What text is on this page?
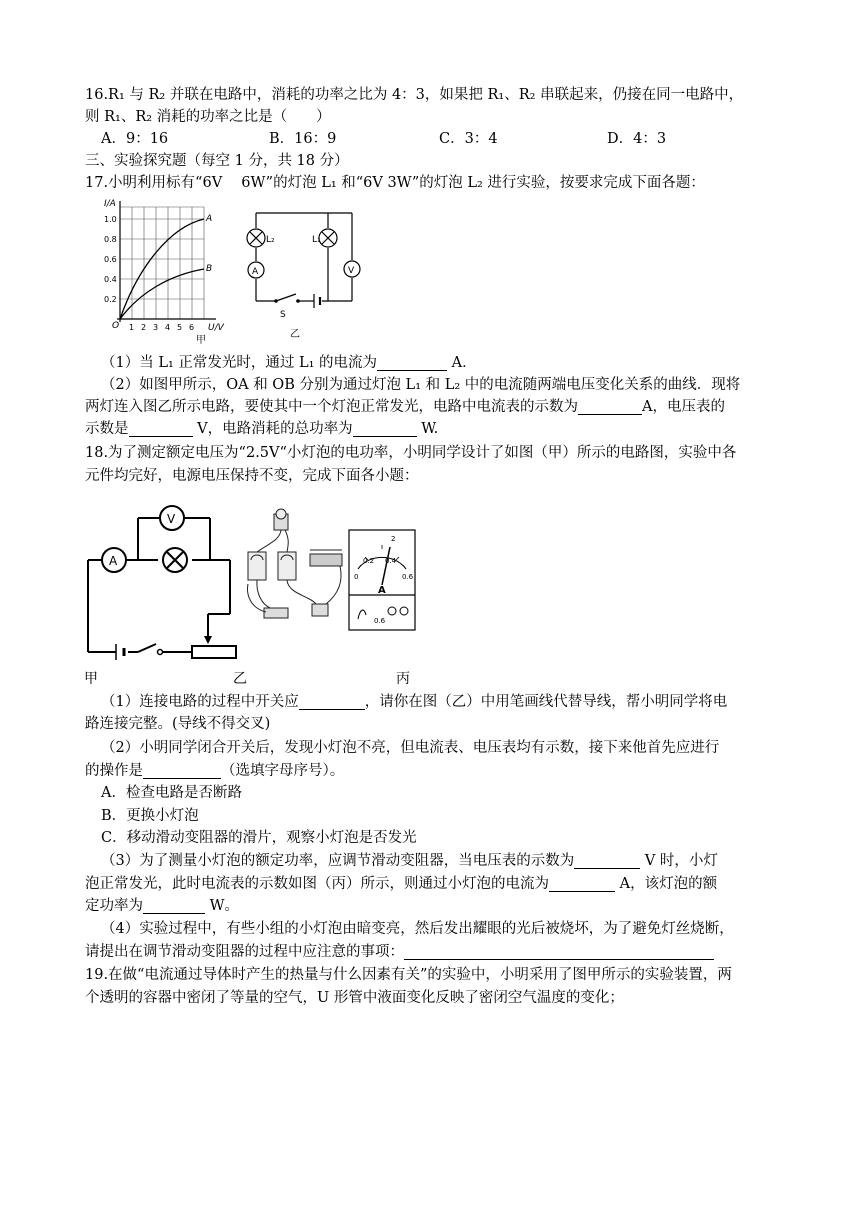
16.R₁ 与 R₂ 并联在电路中，消耗的功率之比为 4：3，如果把 R₁、R₂ 串联起来，仍接在同一电路中，
则 R₁、R₂ 消耗的功率之比是（　　）
A．9：16	B．16：9	C．3：4	D．4：3
三、实验探究题（每空 1 分，共 18 分）
17.小明利用标有“6V　 6W”的灯泡 L₁ 和“6V 3W”的灯泡 L₂ 进行实验，按要求完成下面各题：
I/A
1.0
0.8
0.6
0.4
0.2
O 1 2 3 4 5 6 U/V
A
B
甲
L₂	L₁
A	V
S
乙
（1）当 L₁ 正常发光时，通过 L₁ 的电流为	A．
（2）如图甲所示，OA 和 OB 分别为通过灯泡 L₁ 和 L₂ 中的电流随两端电压变化关系的曲线．现将
两灯连入图乙所示电路，要使其中一个灯泡正常发光，电路中电流表的示数为	A，电压表的
示数是	V，电路消耗的总功率为	W.
18.为了测定额定电压为“2.5V“小灯泡的电功率，小明同学设计了如图（甲）所示的电路图，实验中各
元件均完好，电源电压保持不变，完成下面各小题：
A
V
0
0.2 0.4
0.6
2
A
0.6
甲	乙	丙
（1）连接电路的过程中开关应	，请你在图（乙）中用笔画线代替导线，帮小明同学将电
路连接完整。(导线不得交叉)
（2）小明同学闭合开关后，发现小灯泡不亮，但电流表、电压表均有示数，接下来他首先应进行
的操作是	（选填字母序号）。
A．检查电路是否断路
B．更换小灯泡
C．移动滑动变阻器的滑片，观察小灯泡是否发光
（3）为了测量小灯泡的额定功率，应调节滑动变阻器，当电压表的示数为	V 时，小灯
泡正常发光，此时电流表的示数如图（丙）所示，则通过小灯泡的电流为	A，该灯泡的额
定功率为	W。
（4）实验过程中，有些小组的小灯泡由暗变亮，然后发出耀眼的光后被烧坏，为了避免灯丝烧断，
请提出在调节滑动变阻器的过程中应注意的事项：
19.在做“电流通过导体时产生的热量与什么因素有关”的实验中，小明采用了图甲所示的实验装置，两
个透明的容器中密闭了等量的空气，U 形管中液面变化反映了密闭空气温度的变化；
